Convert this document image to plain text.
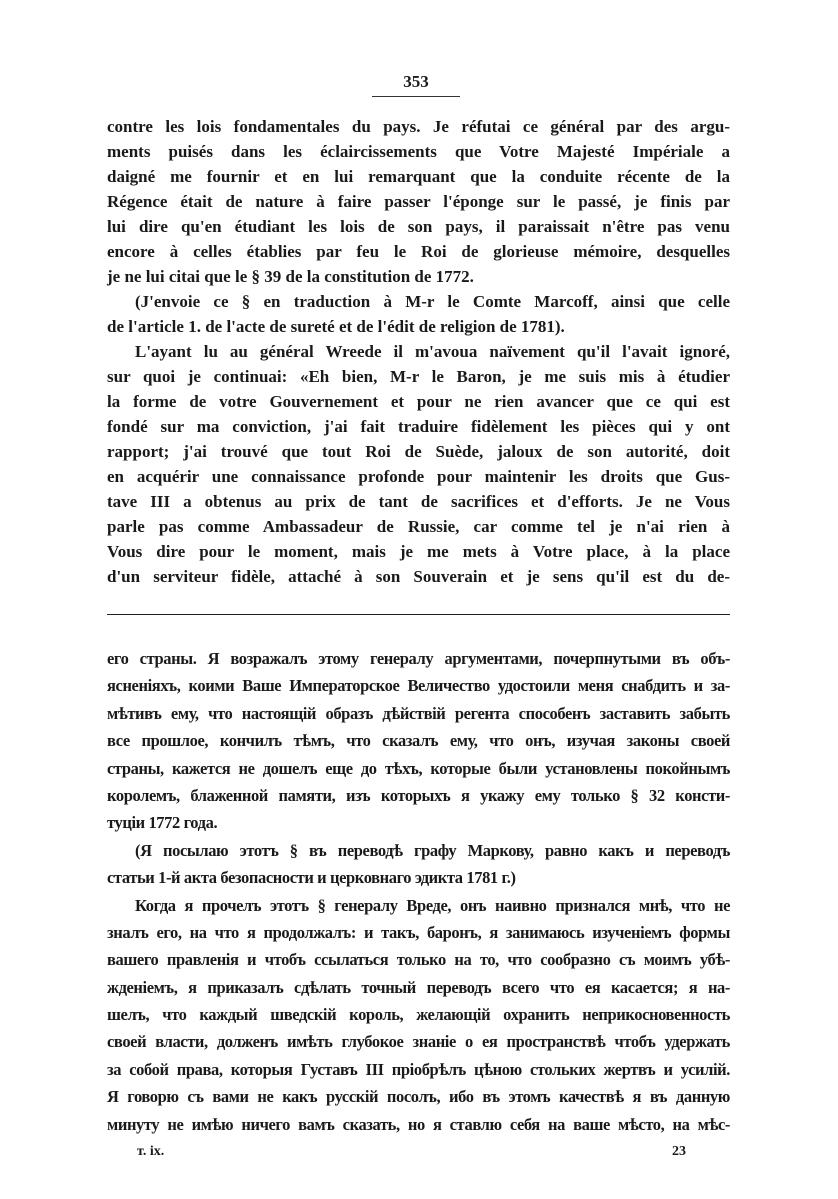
353
contre les lois fondamentales du pays. Je réfutai ce général par des argu-
ments puisés dans les éclaircissements que Votre Majesté Impériale a
daigné me fournir et en lui remarquant que la conduite récente de la
Régence était de nature à faire passer l'éponge sur le passé, je finis par
lui dire qu'en étudiant les lois de son pays, il paraissait n'être pas venu
encore à celles établies par feu le Roi de glorieuse mémoire, desquelles
je ne lui citai que le § 39 de la constitution de 1772.
(J'envoie ce § en traduction à M-r le Comte Marcoff, ainsi que celle
de l'article 1. de l'acte de sureté et de l'édit de religion de 1781).
L'ayant lu au général Wreede il m'avoua naïvement qu'il l'avait ignoré,
sur quoi je continuai: «Eh bien, M-r le Baron, je me suis mis à étudier
la forme de votre Gouvernement et pour ne rien avancer que ce qui est
fondé sur ma conviction, j'ai fait traduire fidèlement les pièces qui y ont
rapport; j'ai trouvé que tout Roi de Suède, jaloux de son autorité, doit
en acquérir une connaissance profonde pour maintenir les droits que Gus-
tave III a obtenus au prix de tant de sacrifices et d'efforts. Je ne Vous
parle pas comme Ambassadeur de Russie, car comme tel je n'ai rien à
Vous dire pour le moment, mais je me mets à Votre place, à la place
d'un serviteur fidèle, attaché à son Souverain et je sens qu'il est du de-
его страны. Я возражалъ этому генералу аргументами, почерпнутыми въ объ-
ясненіяхъ, коими Ваше Императорское Величество удостоили меня снабдить и за-
мѣтивъ ему, что настоящій образъ дѣйствій регента способенъ заставить забыть
все прошлое, кончилъ тѣмъ, что сказалъ ему, что онъ, изучая законы своей
страны, кажется не дошелъ еще до тѣхъ, которые были установлены покойнымъ
королемъ, блаженной памяти, изъ которыхъ я укажу ему только § 32 консти-
туціи 1772 года.
(Я посылаю этотъ § въ переводѣ графу Маркову, равно какъ и переводъ
статьи 1-й акта безопасности и церковнаго эдикта 1781 г.)
Когда я прочелъ этотъ § генералу Вреде, онъ наивно признался мнѣ, что не
зналъ его, на что я продолжалъ: и такъ, баронъ, я занимаюсь изученіемъ формы
вашего правленія и чтобъ ссылаться только на то, что сообразно съ моимъ убѣ-
жденіемъ, я приказалъ сдѣлать точный переводъ всего что ея касается; я на-
шелъ, что каждый шведскій король, желающій охранить неприкосновенность
своей власти, долженъ имѣть глубокое знаніе о ея пространствѣ чтобъ удержать
за собой права, которыя Густавъ III пріобрѣлъ цѣною стольких жертвъ и усилій.
Я говорю съ вами не какъ русскій посолъ, ибо въ этомъ качествѣ я въ данную
минуту не имѣю ничего вамъ сказать, но я ставлю себя на ваше мѣсто, на мѣс-
т. ix.	23
